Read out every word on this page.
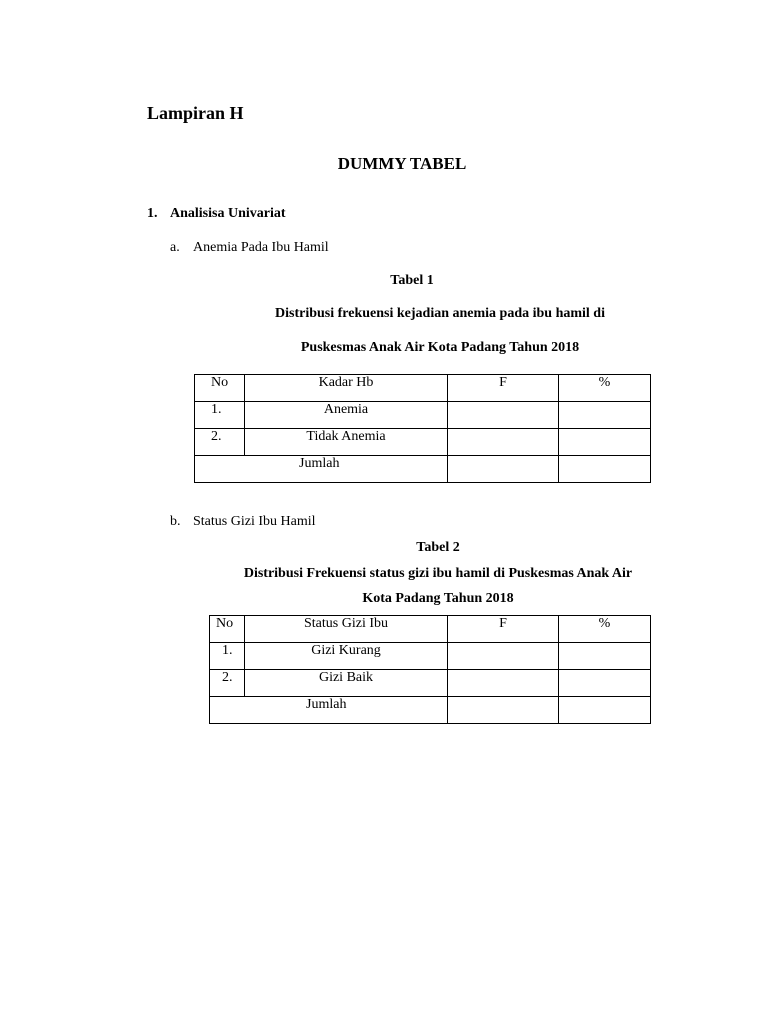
Lampiran H
DUMMY TABEL
1. Analisisa Univariat
a. Anemia Pada Ibu Hamil
Tabel 1
Distribusi frekuensi kejadian anemia pada ibu hamil di
Puskesmas Anak Air Kota Padang Tahun 2018
No	Kadar Hb	F	%
1.	Anemia		
2.	Tidak Anemia		
Jumlah			
b. Status Gizi Ibu Hamil
Tabel 2
Distribusi Frekuensi status gizi ibu hamil di Puskesmas Anak Air
Kota Padang Tahun 2018
No	Status Gizi Ibu	F	%
1.	Gizi Kurang		
2.	Gizi Baik		
Jumlah			
